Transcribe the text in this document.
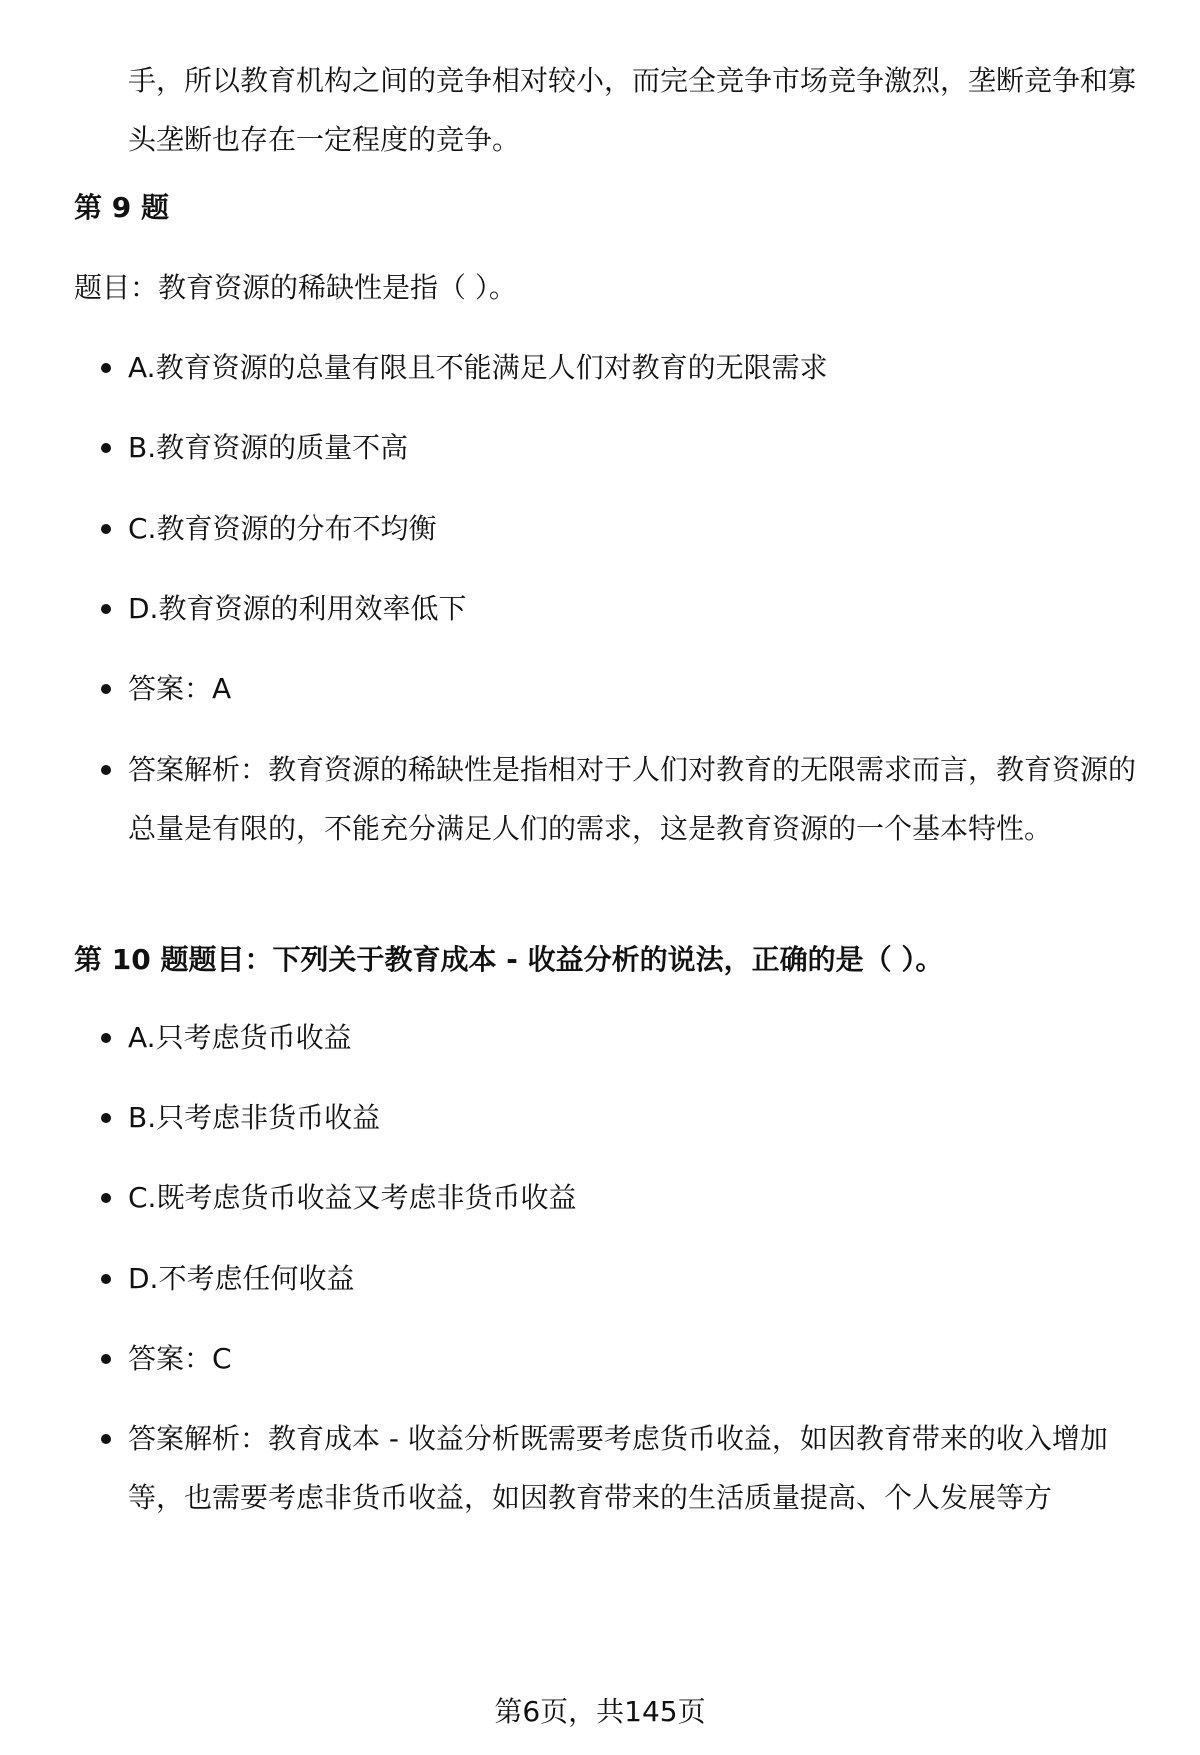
手，所以教育机构之间的竞争相对较小，而完全竞争市场竞争激烈，垄断竞争和寡头垄断也存在一定程度的竞争。

第 9 题

题目：教育资源的稀缺性是指（ ）。

A.教育资源的总量有限且不能满足人们对教育的无限需求
B.教育资源的质量不高
C.教育资源的分布不均衡
D.教育资源的利用效率低下
答案：A
答案解析：教育资源的稀缺性是指相对于人们对教育的无限需求而言，教育资源的总量是有限的，不能充分满足人们的需求，这是教育资源的一个基本特性。

第 10 题题目：下列关于教育成本 - 收益分析的说法，正确的是（ ）。

A.只考虑货币收益
B.只考虑非货币收益
C.既考虑货币收益又考虑非货币收益
D.不考虑任何收益
答案：C
答案解析：教育成本 - 收益分析既需要考虑货币收益，如因教育带来的收入增加等，也需要考虑非货币收益，如因教育带来的生活质量提高、个人发展等方

第6页，共145页
